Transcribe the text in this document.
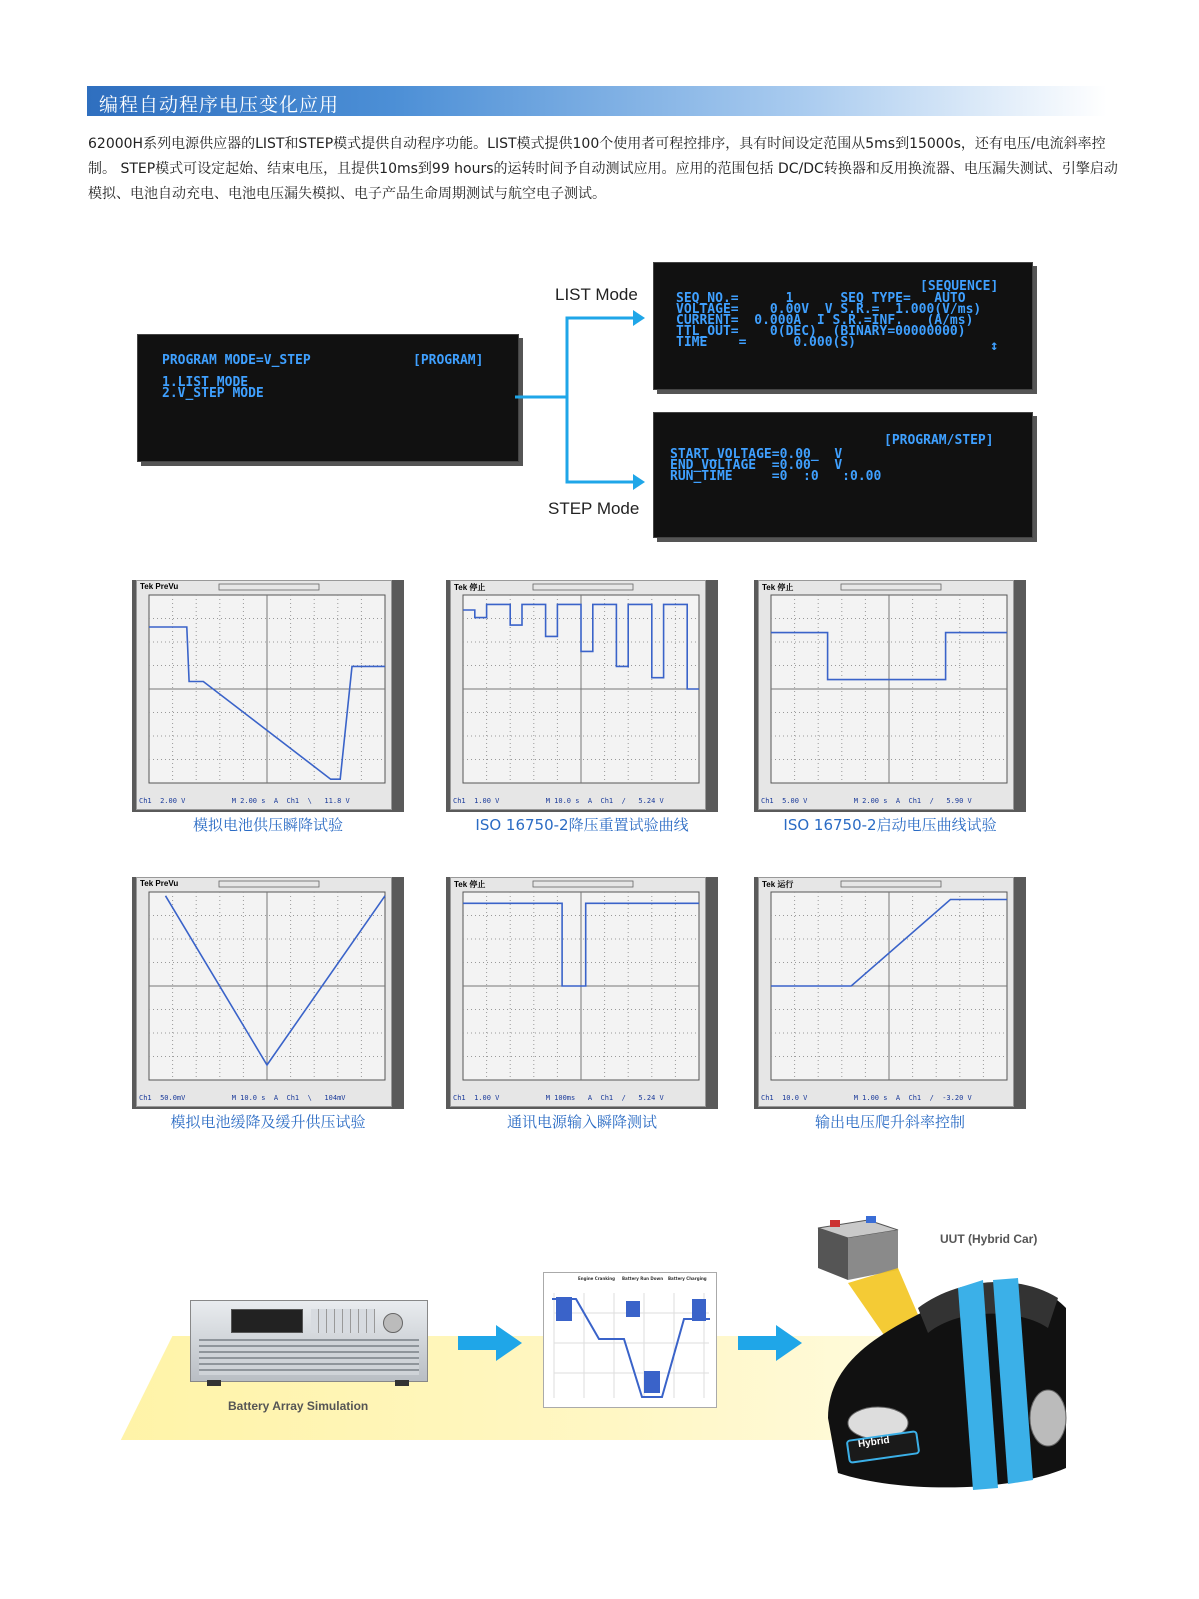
编程自动程序电压变化应用
62000H系列电源供应器的LIST和STEP模式提供自动程序功能。LIST模式提供100个使用者可程控排序，具有时间设定范围从5ms到15000s，还有电压/电流斜率控制。 STEP模式可设定起始、结束电压，且提供10ms到99 hours的运转时间予自动测试应用。应用的范围包括 DC/DC转换器和反用换流器、电压漏失测试、引擎启动模拟、电池自动充电、电池电压漏失模拟、电子产品生命周期测试与航空电子测试。
PROGRAM MODE=V_STEP	[PROGRAM]
1.LIST MODE
2.V_STEP MODE
LIST Mode
STEP Mode
[SEQUENCE]
SEQ_NO.=      1      SEQ TYPE=   AUTO
VOLTAGE=    0.00V  V S.R.=  1.000(V/ms)
CURRENT=  0.000A  I S.R.=INF.   (A/ms)
TTL_OUT=    0(DEC)  (BINARY=00000000)
TIME    =      0.000(S)	↕
[PROGRAM/STEP]
START_VOLTAGE=0.00_  V
END_VOLTAGE  =0.00   V
RUN_TIME     =0  :0   :0.00
Tek PreVu
Ch1  2.00 V           M 2.00 s  A  Ch1  \   11.8 V
模拟电池供压瞬降试验
Tek 停止
Ch1  1.00 V           M 10.0 s  A  Ch1  /   5.24 V
ISO 16750-2降压重置试验曲线
Tek 停止
Ch1  5.00 V           M 2.00 s  A  Ch1  /   5.90 V
ISO 16750-2启动电压曲线试验
Tek PreVu
Ch1  50.0mV           M 10.0 s  A  Ch1  \   104mV
模拟电池缓降及缓升供压试验
Tek 停止
Ch1  1.00 V           M 100ms   A  Ch1  /   5.24 V
通讯电源输入瞬降测试
Tek 运行
Ch1  10.0 V           M 1.00 s  A  Ch1  /  -3.20 V
输出电压爬升斜率控制
Battery Array Simulation
Engine Cranking Battery Run Down Battery Charging
UUT (Hybrid Car)
Hybrid
